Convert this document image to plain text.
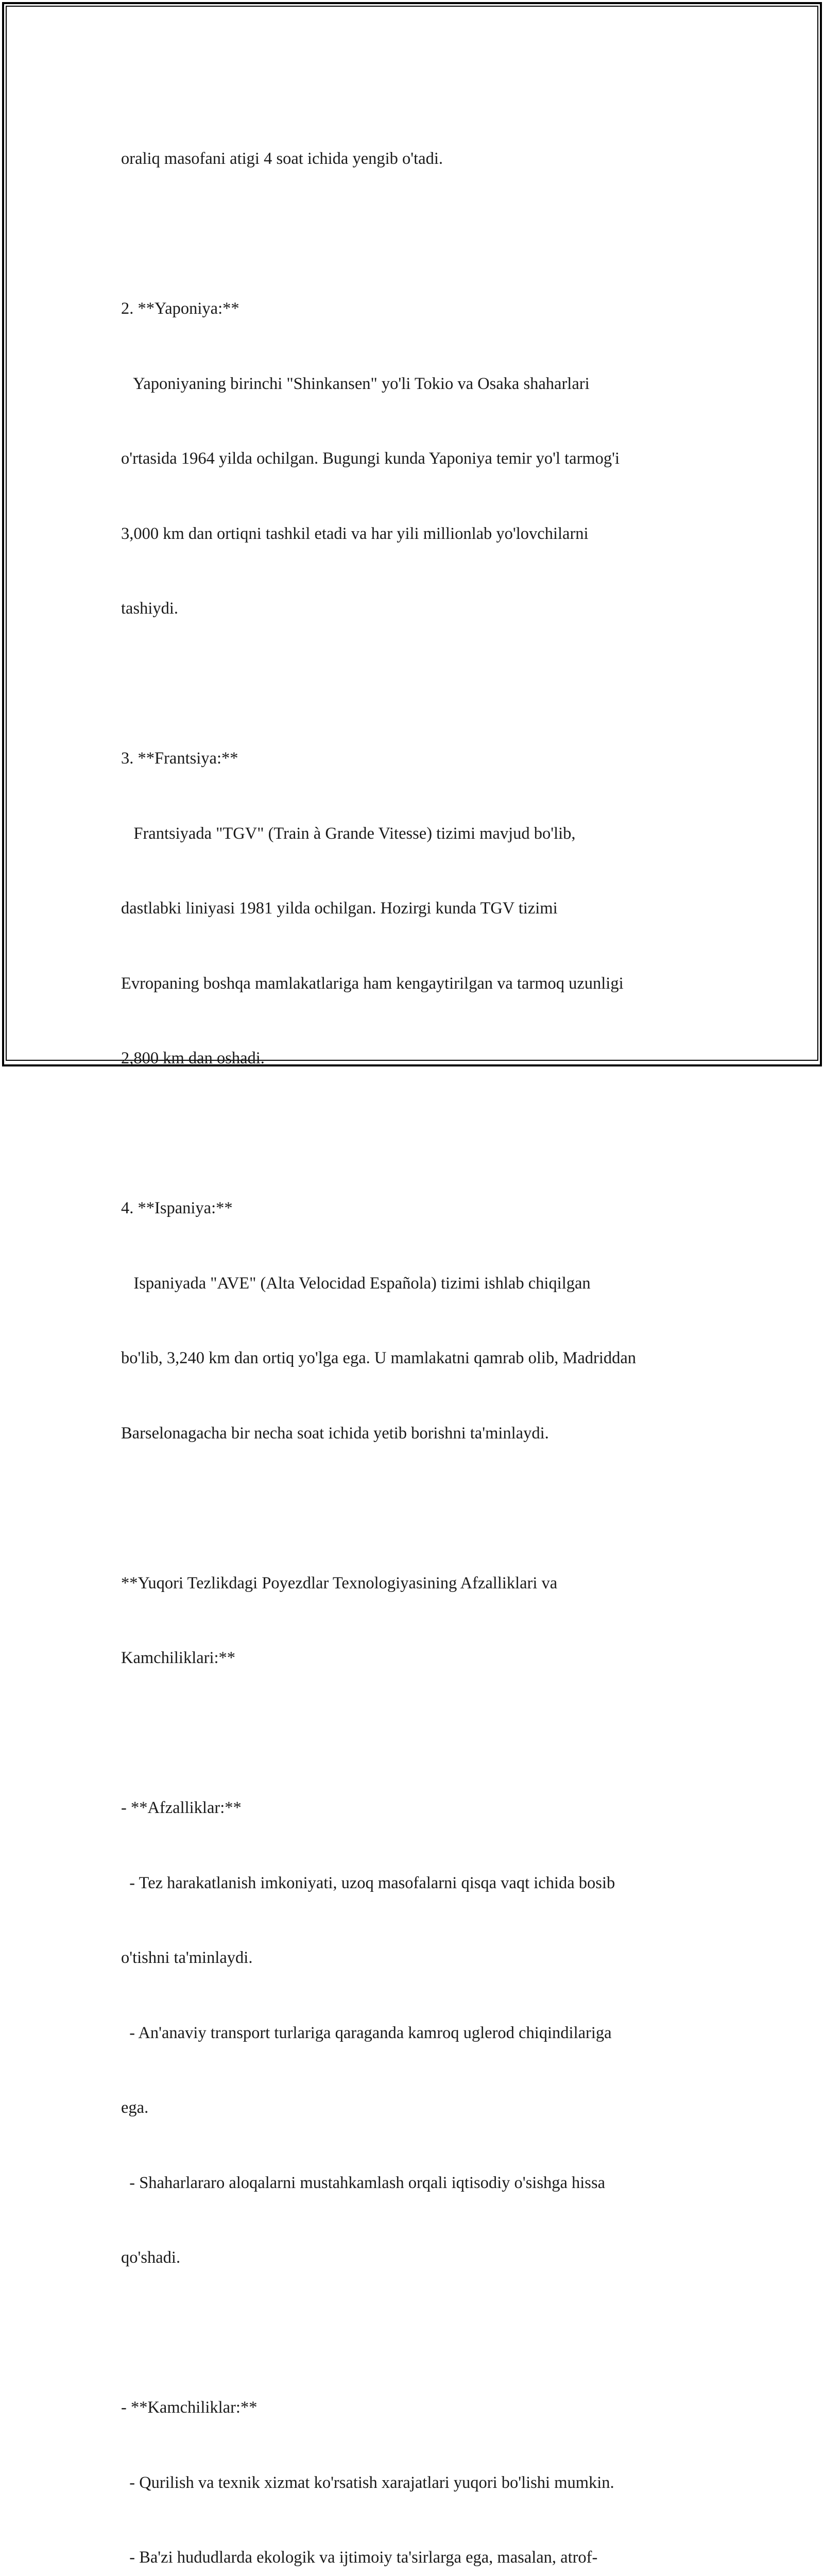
oraliq masofani atigi 4 soat ichida yengib o'tadi.

2. **Yaponiya:**

Yaponiyaning birinchi "Shinkansen" yo'li Tokio va Osaka shaharlari

o'rtasida 1964 yilda ochilgan. Bugungi kunda Yaponiya temir yo'l tarmog'i

3,000 km dan ortiqni tashkil etadi va har yili millionlab yo'lovchilarni

tashiydi.

3. **Frantsiya:**

Frantsiyada "TGV" (Train à Grande Vitesse) tizimi mavjud bo'lib,

dastlabki liniyasi 1981 yilda ochilgan. Hozirgi kunda TGV tizimi

Evropaning boshqa mamlakatlariga ham kengaytirilgan va tarmoq uzunligi

2,800 km dan oshadi.

4. **Ispaniya:**

Ispaniyada "AVE" (Alta Velocidad Española) tizimi ishlab chiqilgan

bo'lib, 3,240 km dan ortiq yo'lga ega. U mamlakatni qamrab olib, Madriddan

Barselonagacha bir necha soat ichida yetib borishni ta'minlaydi.

**Yuqori Tezlikdagi Poyezdlar Texnologiyasining Afzalliklari va

Kamchiliklari:**

- **Afzalliklar:**

- Tez harakatlanish imkoniyati, uzoq masofalarni qisqa vaqt ichida bosib

o'tishni ta'minlaydi.

- An'anaviy transport turlariga qaraganda kamroq uglerod chiqindilariga

ega.

- Shaharlararo aloqalarni mustahkamlash orqali iqtisodiy o'sishga hissa

qo'shadi.

- **Kamchiliklar:**

- Qurilish va texnik xizmat ko'rsatish xarajatlari yuqori bo'lishi mumkin.

- Ba'zi hududlarda ekologik va ijtimoiy ta'sirlarga ega, masalan, atrof-
